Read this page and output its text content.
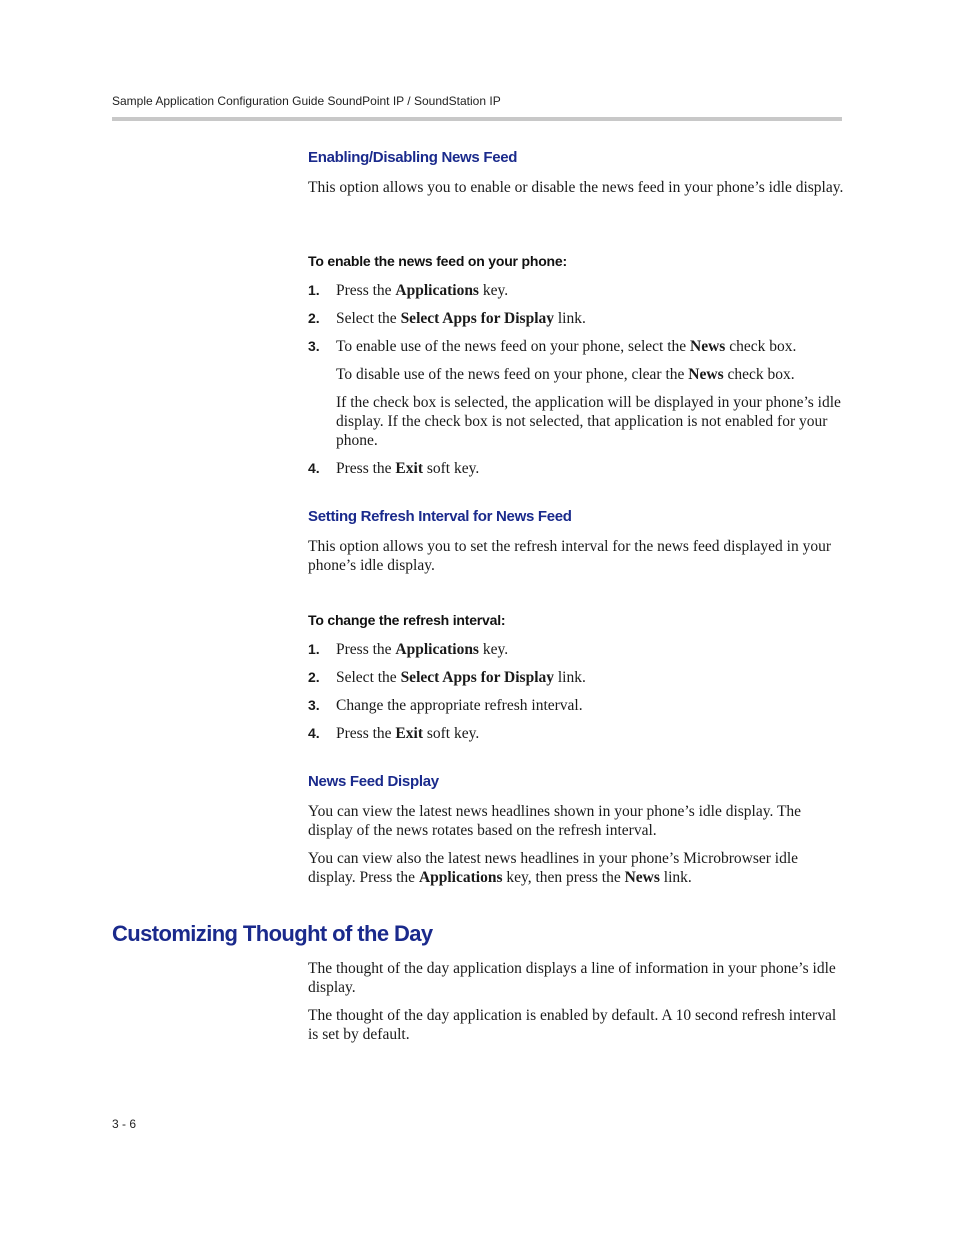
Sample Application Configuration Guide SoundPoint IP / SoundStation IP
Enabling/Disabling News Feed
This option allows you to enable or disable the news feed in your phone’s idle display.
To enable the news feed on your phone:
1. Press the Applications key.
2. Select the Select Apps for Display link.
3. To enable use of the news feed on your phone, select the News check box.
To disable use of the news feed on your phone, clear the News check box.
If the check box is selected, the application will be displayed in your phone’s idle display. If the check box is not selected, that application is not enabled for your phone.
4. Press the Exit soft key.
Setting Refresh Interval for News Feed
This option allows you to set the refresh interval for the news feed displayed in your phone’s idle display.
To change the refresh interval:
1. Press the Applications key.
2. Select the Select Apps for Display link.
3. Change the appropriate refresh interval.
4. Press the Exit soft key.
News Feed Display
You can view the latest news headlines shown in your phone’s idle display. The display of the news rotates based on the refresh interval.
You can view also the latest news headlines in your phone’s Microbrowser idle display. Press the Applications key, then press the News link.
Customizing Thought of the Day
The thought of the day application displays a line of information in your phone’s idle display.
The thought of the day application is enabled by default. A 10 second refresh interval is set by default.
3 - 6
